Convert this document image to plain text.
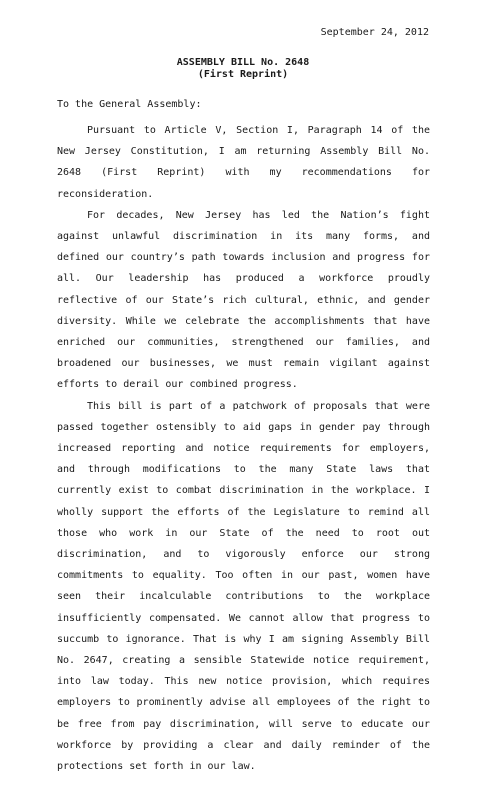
September 24, 2012
ASSEMBLY BILL No. 2648
(First Reprint)
To the General Assembly:

Pursuant to Article V, Section I, Paragraph 14 of the New Jersey Constitution, I am returning Assembly Bill No. 2648 (First Reprint) with my recommendations for reconsideration.

For decades, New Jersey has led the Nation’s fight against unlawful discrimination in its many forms, and defined our country’s path towards inclusion and progress for all. Our leadership has produced a workforce proudly reflective of our State’s rich cultural, ethnic, and gender diversity. While we celebrate the accomplishments that have enriched our communities, strengthened our families, and broadened our businesses, we must remain vigilant against efforts to derail our combined progress.

This bill is part of a patchwork of proposals that were passed together ostensibly to aid gaps in gender pay through increased reporting and notice requirements for employers, and through modifications to the many State laws that currently exist to combat discrimination in the workplace. I wholly support the efforts of the Legislature to remind all those who work in our State of the need to root out discrimination, and to vigorously enforce our strong commitments to equality. Too often in our past, women have seen their incalculable contributions to the workplace insufficiently compensated. We cannot allow that progress to succumb to ignorance. That is why I am signing Assembly Bill No. 2647, creating a sensible Statewide notice requirement, into law today. This new notice provision, which requires employers to prominently advise all employees of the right to be free from pay discrimination, will serve to educate our workforce by providing a clear and daily reminder of the protections set forth in our law.
